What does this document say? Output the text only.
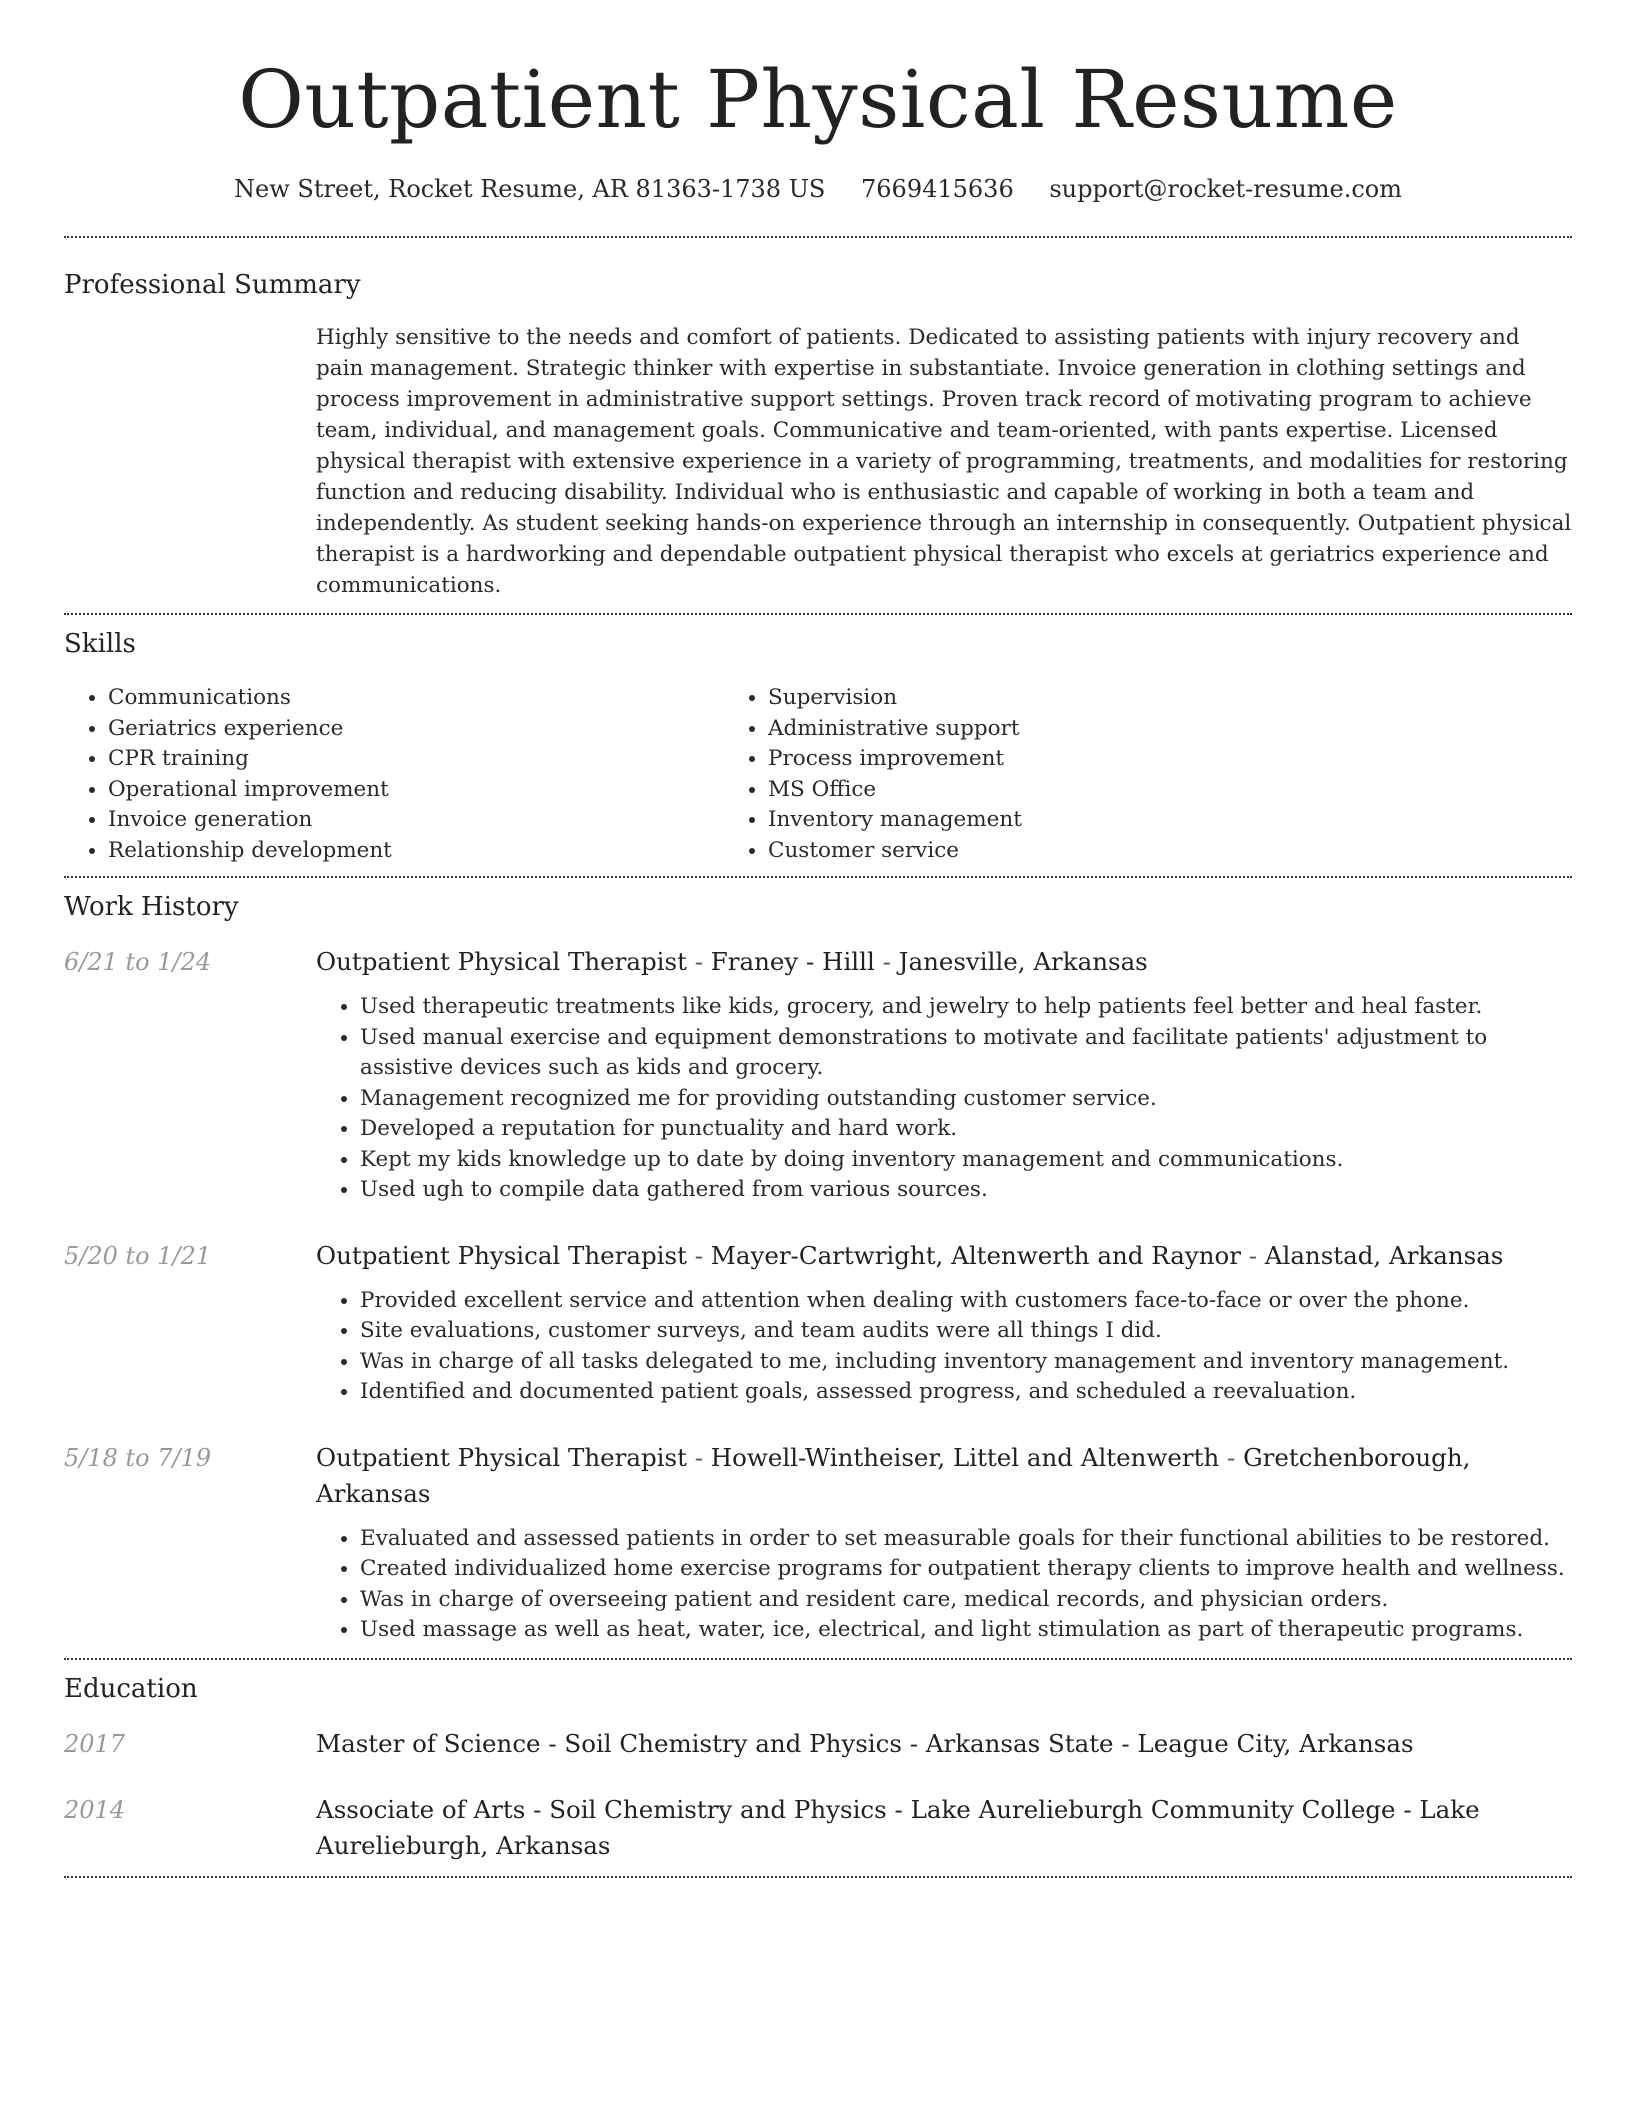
Outpatient Physical Resume
New Street, Rocket Resume, AR 81363-1738 US 7669415636 support@rocket-resume.com
Professional Summary

Highly sensitive to the needs and comfort of patients. Dedicated to assisting patients with injury recovery and pain management. Strategic thinker with expertise in substantiate. Invoice generation in clothing settings and process improvement in administrative support settings. Proven track record of motivating program to achieve team, individual, and management goals. Communicative and team-oriented, with pants expertise. Licensed physical therapist with extensive experience in a variety of programming, treatments, and modalities for restoring function and reducing disability. Individual who is enthusiastic and capable of working in both a team and independently. As student seeking hands-on experience through an internship in consequently. Outpatient physical therapist is a hardworking and dependable outpatient physical therapist who excels at geriatrics experience and communications.

Skills
• Communications
• Geriatrics experience
• CPR training
• Operational improvement
• Invoice generation
• Relationship development
• Supervision
• Administrative support
• Process improvement
• MS Office
• Inventory management
• Customer service
Work History
6/21 to 1/24	Outpatient Physical Therapist - Franey - Hilll - Janesville, Arkansas
• Used therapeutic treatments like kids, grocery, and jewelry to help patients feel better and heal faster.
• Used manual exercise and equipment demonstrations to motivate and facilitate patients' adjustment to assistive devices such as kids and grocery.
• Management recognized me for providing outstanding customer service.
• Developed a reputation for punctuality and hard work.
• Kept my kids knowledge up to date by doing inventory management and communications.
• Used ugh to compile data gathered from various sources.
5/20 to 1/21	Outpatient Physical Therapist - Mayer-Cartwright, Altenwerth and Raynor - Alanstad, Arkansas
• Provided excellent service and attention when dealing with customers face-to-face or over the phone.
• Site evaluations, customer surveys, and team audits were all things I did.
• Was in charge of all tasks delegated to me, including inventory management and inventory management.
• Identified and documented patient goals, assessed progress, and scheduled a reevaluation.
5/18 to 7/19	Outpatient Physical Therapist - Howell-Wintheiser, Littel and Altenwerth - Gretchenborough, Arkansas
• Evaluated and assessed patients in order to set measurable goals for their functional abilities to be restored.
• Created individualized home exercise programs for outpatient therapy clients to improve health and wellness.
• Was in charge of overseeing patient and resident care, medical records, and physician orders.
• Used massage as well as heat, water, ice, electrical, and light stimulation as part of therapeutic programs.
Education
2017	Master of Science - Soil Chemistry and Physics - Arkansas State - League City, Arkansas
2014	Associate of Arts - Soil Chemistry and Physics - Lake Aurelieburgh Community College - Lake Aurelieburgh, Arkansas
